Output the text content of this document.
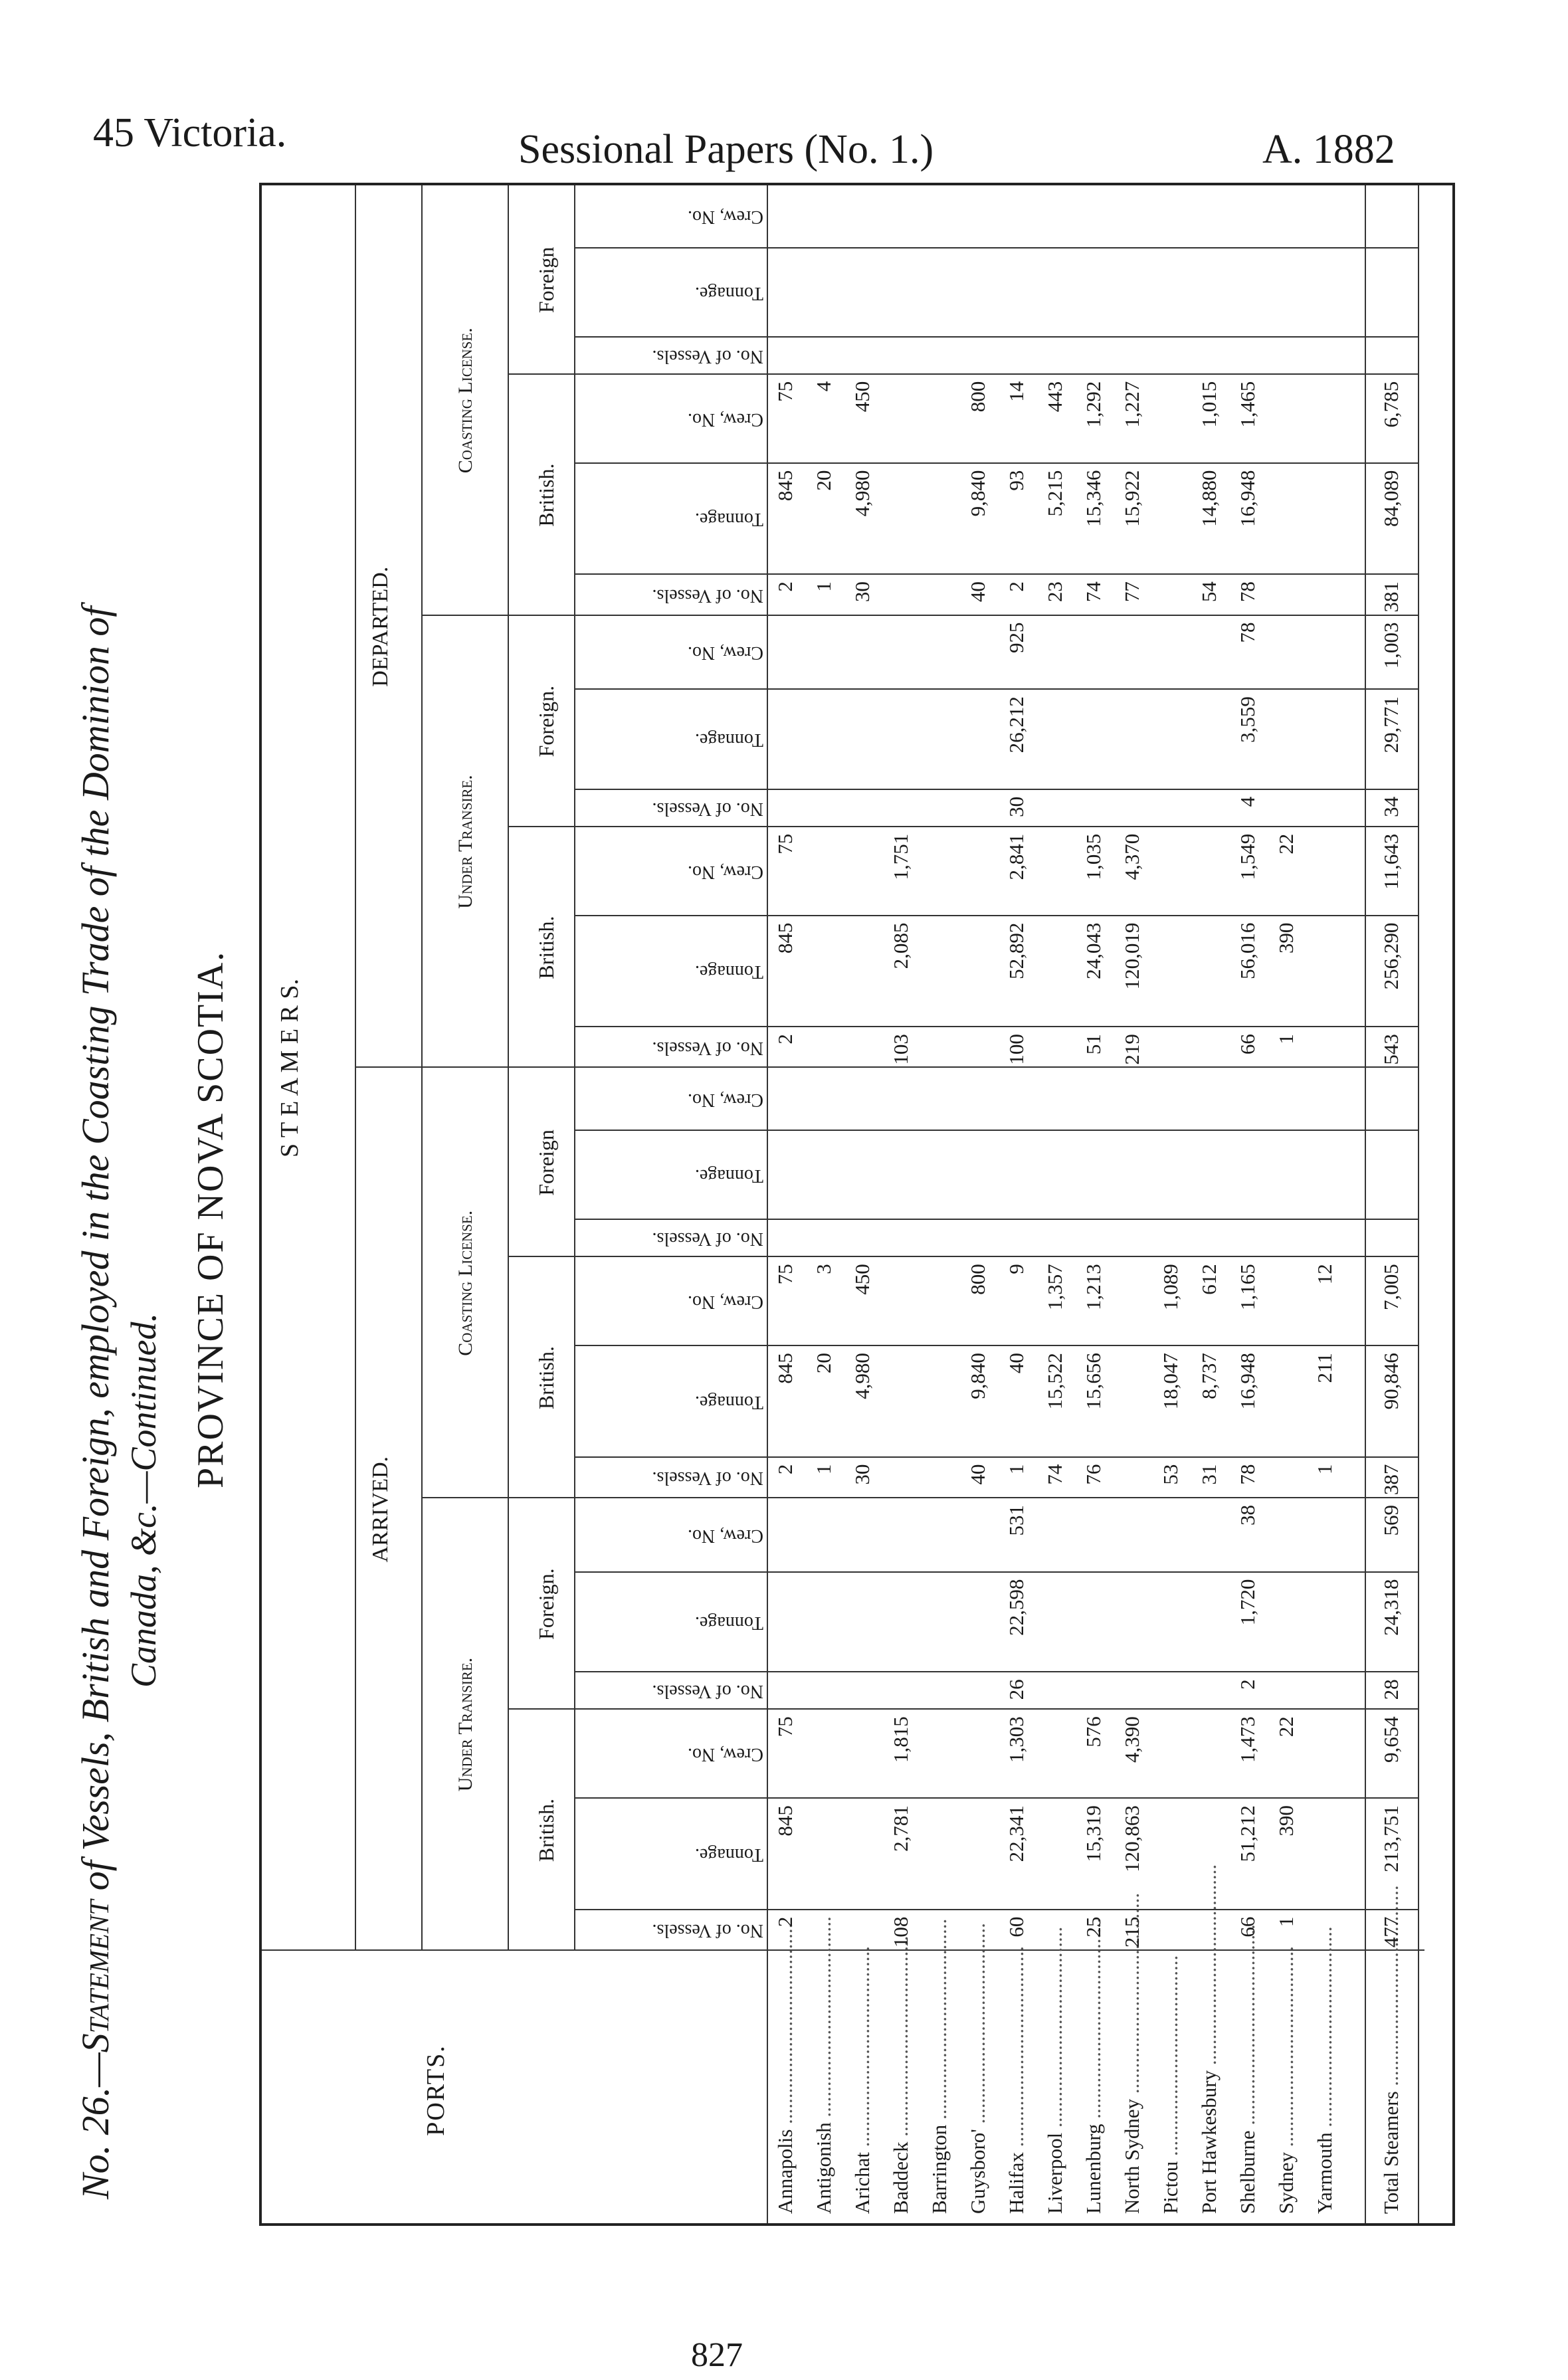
45 Victoria.	Sessional Papers (No. 1.)	A. 1882
827
No. 26.—Statement of Vessels, British and Foreign, employed in the Coasting Trade of the Dominion of Canada, &c.—Continued.
PROVINCE OF NOVA SCOTIA.
PORTS.
S T E A M E R S.
ARRIVED.
DEPARTED.
Under Transire.
Coasting License.
Under Transire.
Coasting License.
British.
Foreign.
British.
Foreign
British.
Foreign.
British.
Foreign
No. of Vessels.
Tonnage.
Crew, No.
No. of Vessels.
Tonnage.
Crew, No.
No. of Vessels.
Tonnage.
Crew, No.
No. of Vessels.
Tonnage.
Crew, No.
No. of Vessels.
Tonnage.
Crew, No.
No. of Vessels.
Tonnage.
Crew, No.
No. of Vessels.
Tonnage.
Crew, No.
No. of Vessels.
Tonnage.
Crew, No.
Annapolis ..... Antigonish ..... Arichat ..... Baddeck ..... Barrington ..... Guysboro' ..... Halifax ..... Liverpool ..... Lunenburg ..... North Sydney ..... Pictou ..... Port Hawkesbury ..... Shelburne ..... Sydney ..... Yarmouth .....
2
845
75
2
845
75
2
845
75
2
845
75
1
20
3
1
20
4
30
4,980
450
30
4,980
450
108
2,781
1,815
103
2,085
1,751
40
9,840
800
40
9,840
800
60
22,341
1,303
26
22,598
531
1
40
9
100
52,892
2,841
30
26,212
925
2
93
14
74
15,522
1,357
23
5,215
443
25
15,319
576
76
15,656
1,213
51
24,043
1,035
74
15,346
1,292
215
120,863
4,390
219
120,019
4,370
77
15,922
1,227
53
18,047
1,089
31
8,737
612
54
14,880
1,015
66
51,212
1,473
2
1,720
38
78
16,948
1,165
66
56,016
1,549
4
3,559
78
78
16,948
1,465
1
390
22
1
390
22
1
211
12
Total Steamers .....
477
213,751
9,654
28
24,318
569
387
90,846
7,005
543
256,290
11,643
34
29,771
1,003
381
84,089
6,785
